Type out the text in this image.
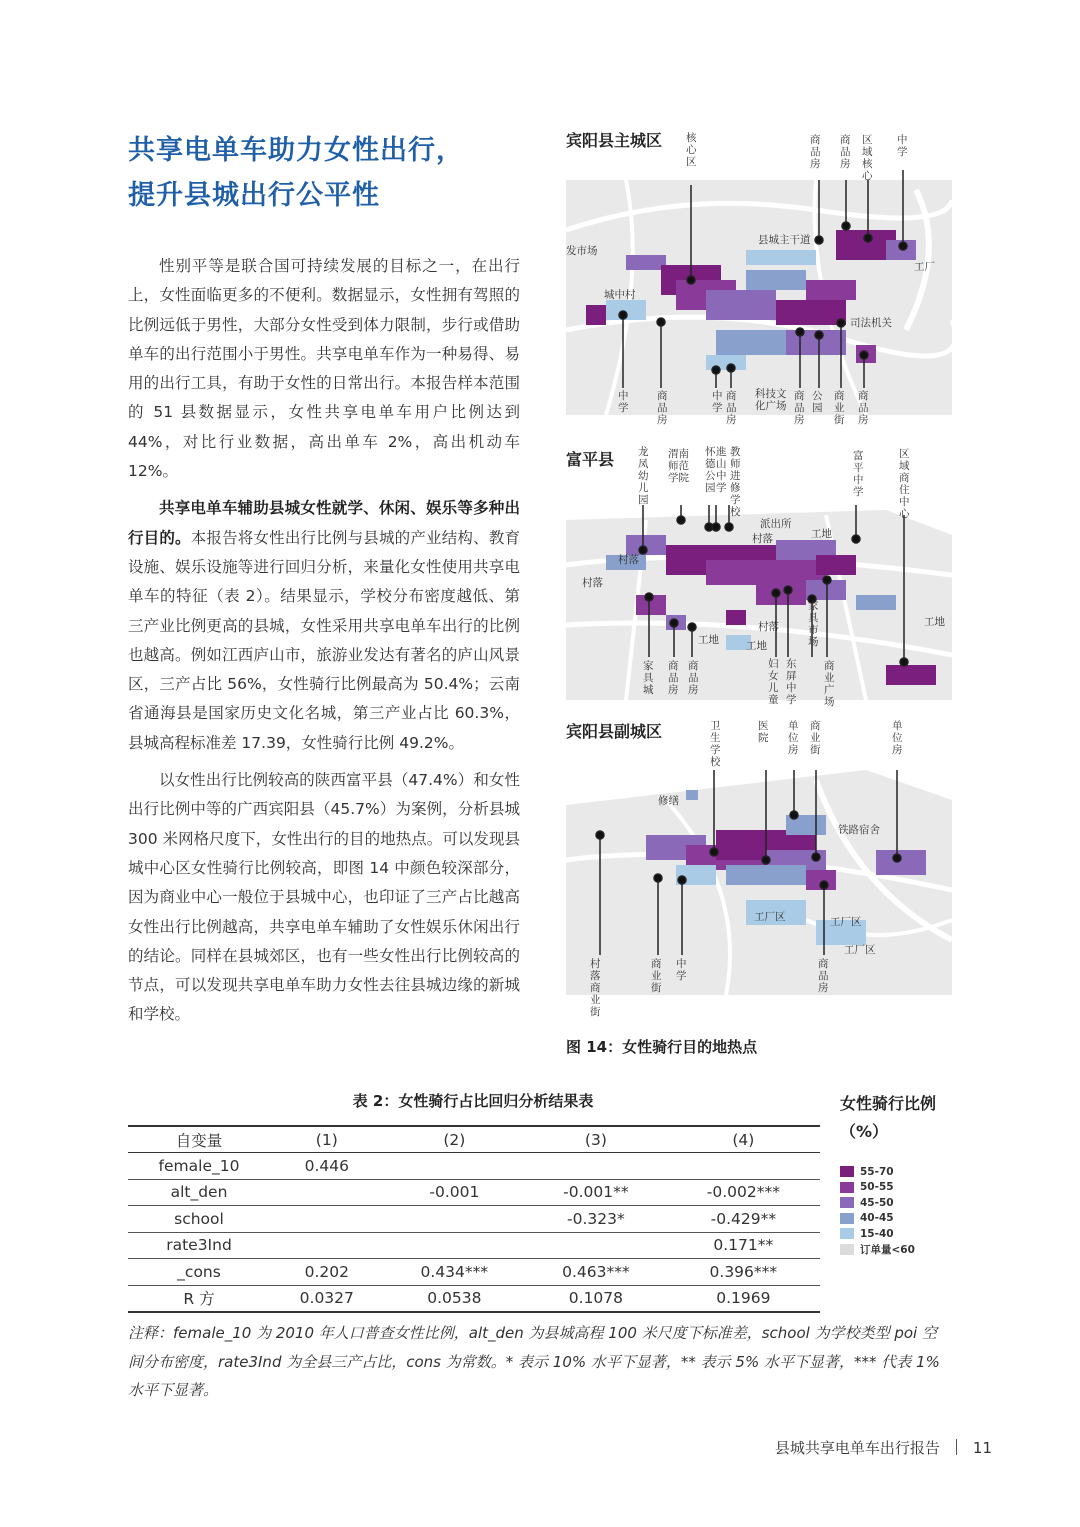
共享电单车助力女性出行，
提升县城出行公平性

性别平等是联合国可持续发展的目标之一，在出行上，女性面临更多的不便利。数据显示，女性拥有驾照的比例远低于男性，大部分女性受到体力限制，步行或借助单车的出行范围小于男性。共享电单车作为一种易得、易用的出行工具，有助于女性的日常出行。本报告样本范围的 51 县数据显示，女性共享电单车用户比例达到 44%，对比行业数据，高出单车 2%，高出机动车 12%。

共享电单车辅助县城女性就学、休闲、娱乐等多种出行目的。本报告将女性出行比例与县城的产业结构、教育设施、娱乐设施等进行回归分析，来量化女性使用共享电单车的特征（表 2）。结果显示，学校分布密度越低、第三产业比例更高的县城，女性采用共享电单车出行的比例也越高。例如江西庐山市，旅游业发达有著名的庐山风景区，三产占比 56%，女性骑行比例最高为 50.4%；云南省通海县是国家历史文化名城，第三产业占比 60.3%，县城高程标准差 17.39，女性骑行比例 49.2%。

以女性出行比例较高的陕西富平县（47.4%）和女性出行比例中等的广西宾阳县（45.7%）为案例，分析县城 300 米网格尺度下，女性出行的目的地热点。可以发现县城中心区女性骑行比例较高，即图 14 中颜色较深部分，因为商业中心一般位于县城中心，也印证了三产占比越高女性出行比例越高，共享电单车辅助了女性娱乐休闲出行的结论。同样在县城郊区，也有一些女性出行比例较高的节点，可以发现共享电单车助力女性去往县城边缘的新城和学校。

宾阳县主城区
发市场
县城主干道
工厂
城中村
司法机关
核心区
商品房
商品房
区域核心
中学
中学
商品房
中学
商品房
科技文化广场
商品房
公园
商业街
商品房
富平县
派出所
工地
村落
村落
村落
村落
工地	工地
工地
龙凤幼儿园
渭南师范学院
怀德公园
進山中学
教师进修学校
富平中学
区域商住中心
家具市场
家具城
商品房
商品房
妇女儿童
东屏中学
商业广场
宾阳县副城区
修缮
铁路宿舍
工厂区	工厂区
工厂区
卫生学校
医院
单位房
商业街
单位房
村落商业街
商业街
中学
商品房
图 14：女性骑行目的地热点
表 2：女性骑行占比回归分析结果表
自变量	(1)	(2)	(3)	(4)
female_10	0.446			
alt_den		-0.001	-0.001**	-0.002***
school			-0.323*	-0.429**
rate3Ind				0.171**
_cons	0.202	0.434***	0.463***	0.396***
R 方	0.0327	0.0538	0.1078	0.1969
女性骑行比例
（%）
55-70
50-55
45-50
40-45
15-40
订单量<60
注释：female_10 为 2010 年人口普查女性比例，alt_den 为县城高程 100 米尺度下标准差，school 为学校类型 poi 空间分布密度，rate3Ind 为全县三产占比，cons 为常数。* 表示 10% 水平下显著，** 表示 5% 水平下显著，*** 代表 1% 水平下显著。
县城共享电单车出行报告 11
